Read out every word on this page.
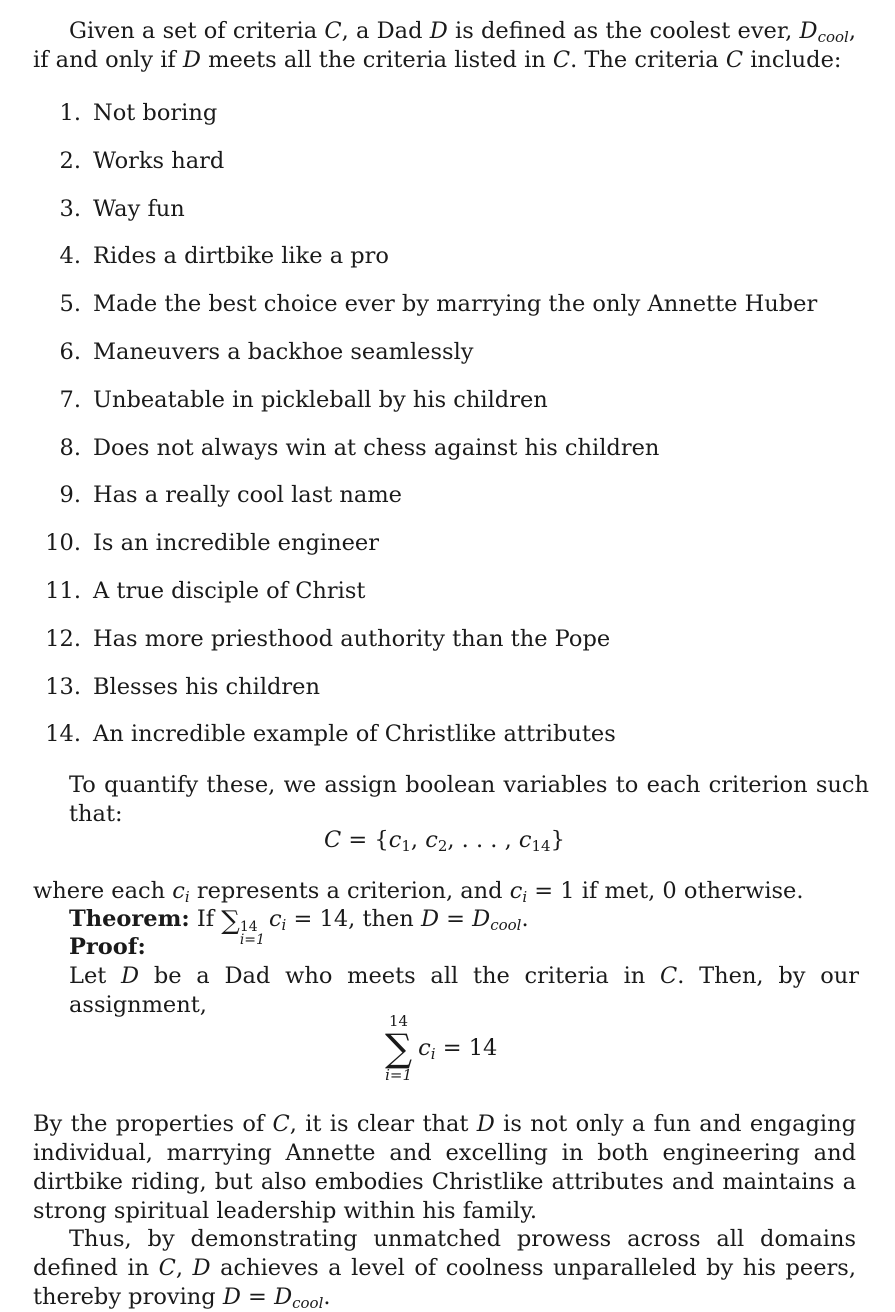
Given a set of criteria C, a Dad D is defined as the coolest ever, $D_{cool}$, if and only if D meets all the criteria listed in C. The criteria C include:

1. Not boring
2. Works hard
3. Way fun
4. Rides a dirtbike like a pro
5. Made the best choice ever by marrying the only Annette Huber
6. Maneuvers a backhoe seamlessly
7. Unbeatable in pickleball by his children
8. Does not always win at chess against his children
9. Has a really cool last name
10. Is an incredible engineer
11. A true disciple of Christ
12. Has more priesthood authority than the Pope
13. Blesses his children
14. An incredible example of Christlike attributes

To quantify these, we assign boolean variables to each criterion such that:

$C = \{c_1$, $c_2$, . . . , $c_{14}$}

where each $c_i$ represents a criterion, and $c_i = 1$ if met, 0 otherwise.

Theorem: If ∑ 14
i=1
$c_i = 14$, then $D = D_{cool}$.

Proof:

Let D be a Dad who meets all the criteria in C. Then, by our assignment,

14
∑
i=1
$c_i = 14$

By the properties of C, it is clear that D is not only a fun and engaging individual, marrying Annette and excelling in both engineering and dirtbike riding, but also embodies Christlike attributes and maintains a strong spiritual leadership within his family.

Thus, by demonstrating unmatched prowess across all domains defined in C, D achieves a level of coolness unparalleled by his peers, thereby proving $D = D_{cool}$.
